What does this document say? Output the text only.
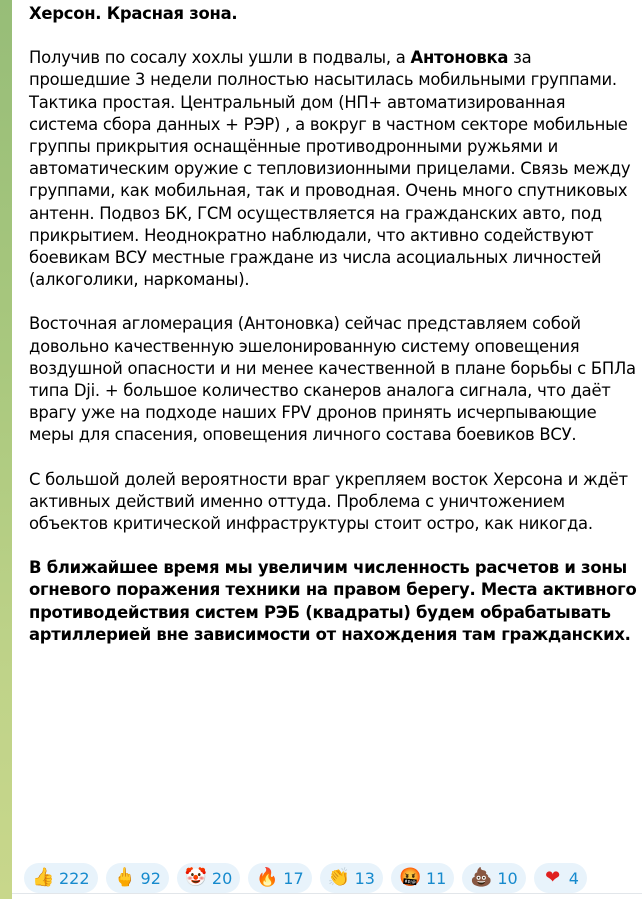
Херсон. Красная зона.

Получив по сосалу хохлы ушли в подвалы, а Антоновка за прошедшие 3 недели полностью насытилась мобильными группами. Тактика простая. Центральный дом (НП+ автоматизированная система сбора данных + РЭР) , а вокруг в частном секторе мобильные группы прикрытия оснащённые противодронными ружьями и автоматическим оружие с тепловизионными прицелами. Связь между группами, как мобильная, так и проводная. Очень много спутниковых антенн. Подвоз БК, ГСМ осуществляется на гражданских авто, под прикрытием. Неоднократно наблюдали, что активно содействуют боевикам ВСУ местные граждане из числа асоциальных личностей (алкоголики, наркоманы).

Восточная агломерация (Антоновка) сейчас представляем собой довольно качественную эшелонированную систему оповещения воздушной опасности и ни менее качественной в плане борьбы с БПЛа типа Dji. + большое количество сканеров аналога сигнала, что даёт врагу уже на подходе наших FPV дронов принять исчерпывающие меры для спасения, оповещения личного состава боевиков ВСУ.

С большой долей вероятности враг укрепляем восток Херсона и ждёт активных действий именно оттуда. Проблема с уничтожением объектов критической инфраструктуры стоит остро, как никогда.

В ближайшее время мы увеличим численность расчетов и зоны огневого поражения техники на правом берегу. Места активного противодействия систем РЭБ (квадраты) будем обрабатывать артиллерией вне зависимости от нахождения там гражданских.

👍 222 🖕 92 🤡 20 🔥 17 👏 13 🤬 11 💩 10 ❤ 4
